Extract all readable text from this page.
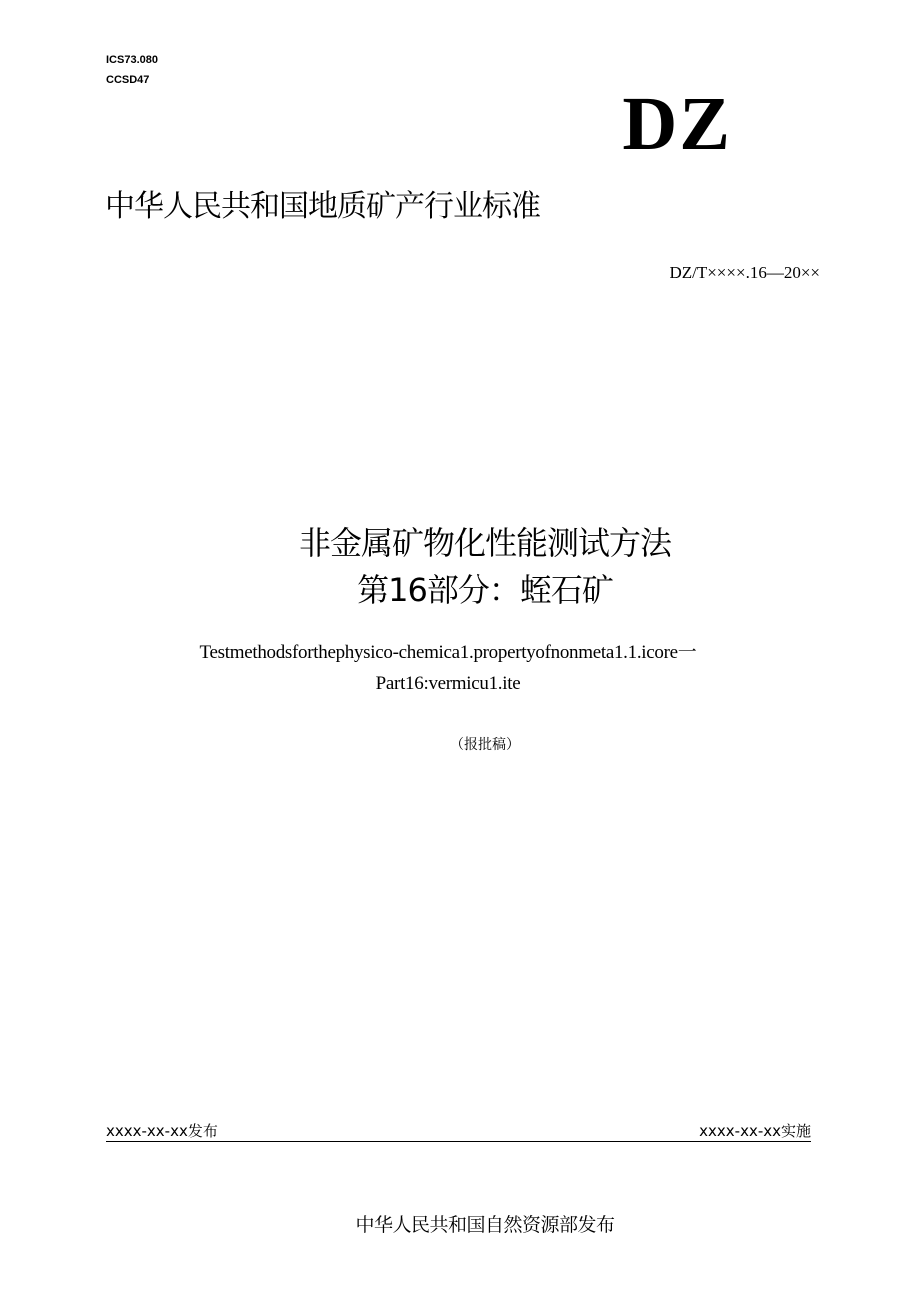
ICS73.080
CCSD47
DZ
中华人民共和国地质矿产行业标准
DZ/T××××.16—20××
非金属矿物化性能测试方法
第16部分：蛭石矿
Testmethodsforthephysico-chemica1.propertyofnonmeta1.1.icore一
Part16:vermicu1.ite
（报批稿）
xxxx-xx-xx发布	xxxx-xx-xx实施
中华人民共和国自然资源部发布
